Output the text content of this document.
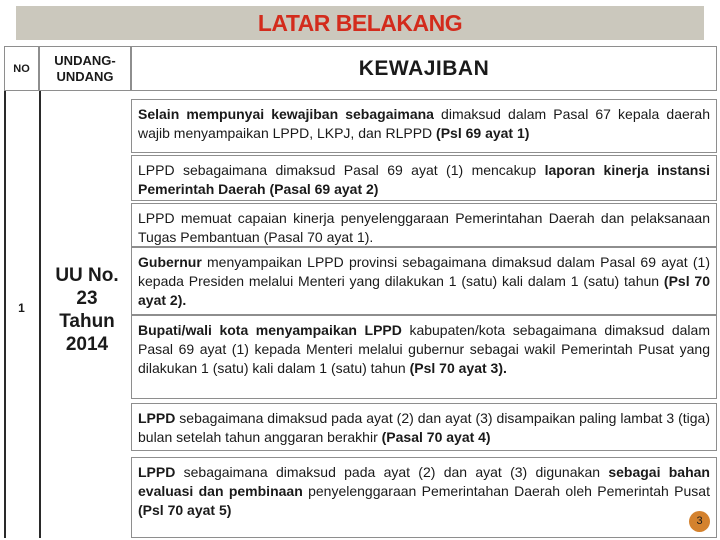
LATAR BELAKANG
NO
UNDANG-UNDANG	KEWAJIBAN
1
UU No.
23
Tahun
2014

Selain mempunyai kewajiban sebagaimana dimaksud dalam Pasal 67 kepala daerah wajib menyampaikan LPPD, LKPJ, dan RLPPD (Psl 69 ayat 1)

LPPD sebagaimana dimaksud Pasal 69 ayat (1) mencakup laporan kinerja instansi Pemerintah Daerah (Pasal 69 ayat 2)

LPPD memuat capaian kinerja penyelenggaraan Pemerintahan Daerah dan pelaksanaan Tugas Pembantuan (Pasal 70 ayat 1).

Gubernur menyampaikan LPPD provinsi sebagaimana dimaksud dalam Pasal 69 ayat (1) kepada Presiden melalui Menteri yang dilakukan 1 (satu) kali dalam 1 (satu) tahun (Psl 70 ayat 2).

Bupati/wali kota menyampaikan LPPD kabupaten/kota sebagaimana dimaksud dalam Pasal 69 ayat (1) kepada Menteri melalui gubernur sebagai wakil Pemerintah Pusat yang dilakukan 1 (satu) kali dalam 1 (satu) tahun (Psl 70 ayat 3).

LPPD sebagaimana dimaksud pada ayat (2) dan ayat (3) disampaikan paling lambat 3 (tiga) bulan setelah tahun anggaran berakhir (Pasal 70 ayat 4)

LPPD sebagaimana dimaksud pada ayat (2) dan ayat (3) digunakan sebagai bahan evaluasi dan pembinaan penyelenggaraan Pemerintahan Daerah oleh Pemerintah Pusat (Psl 70 ayat 5)

3
